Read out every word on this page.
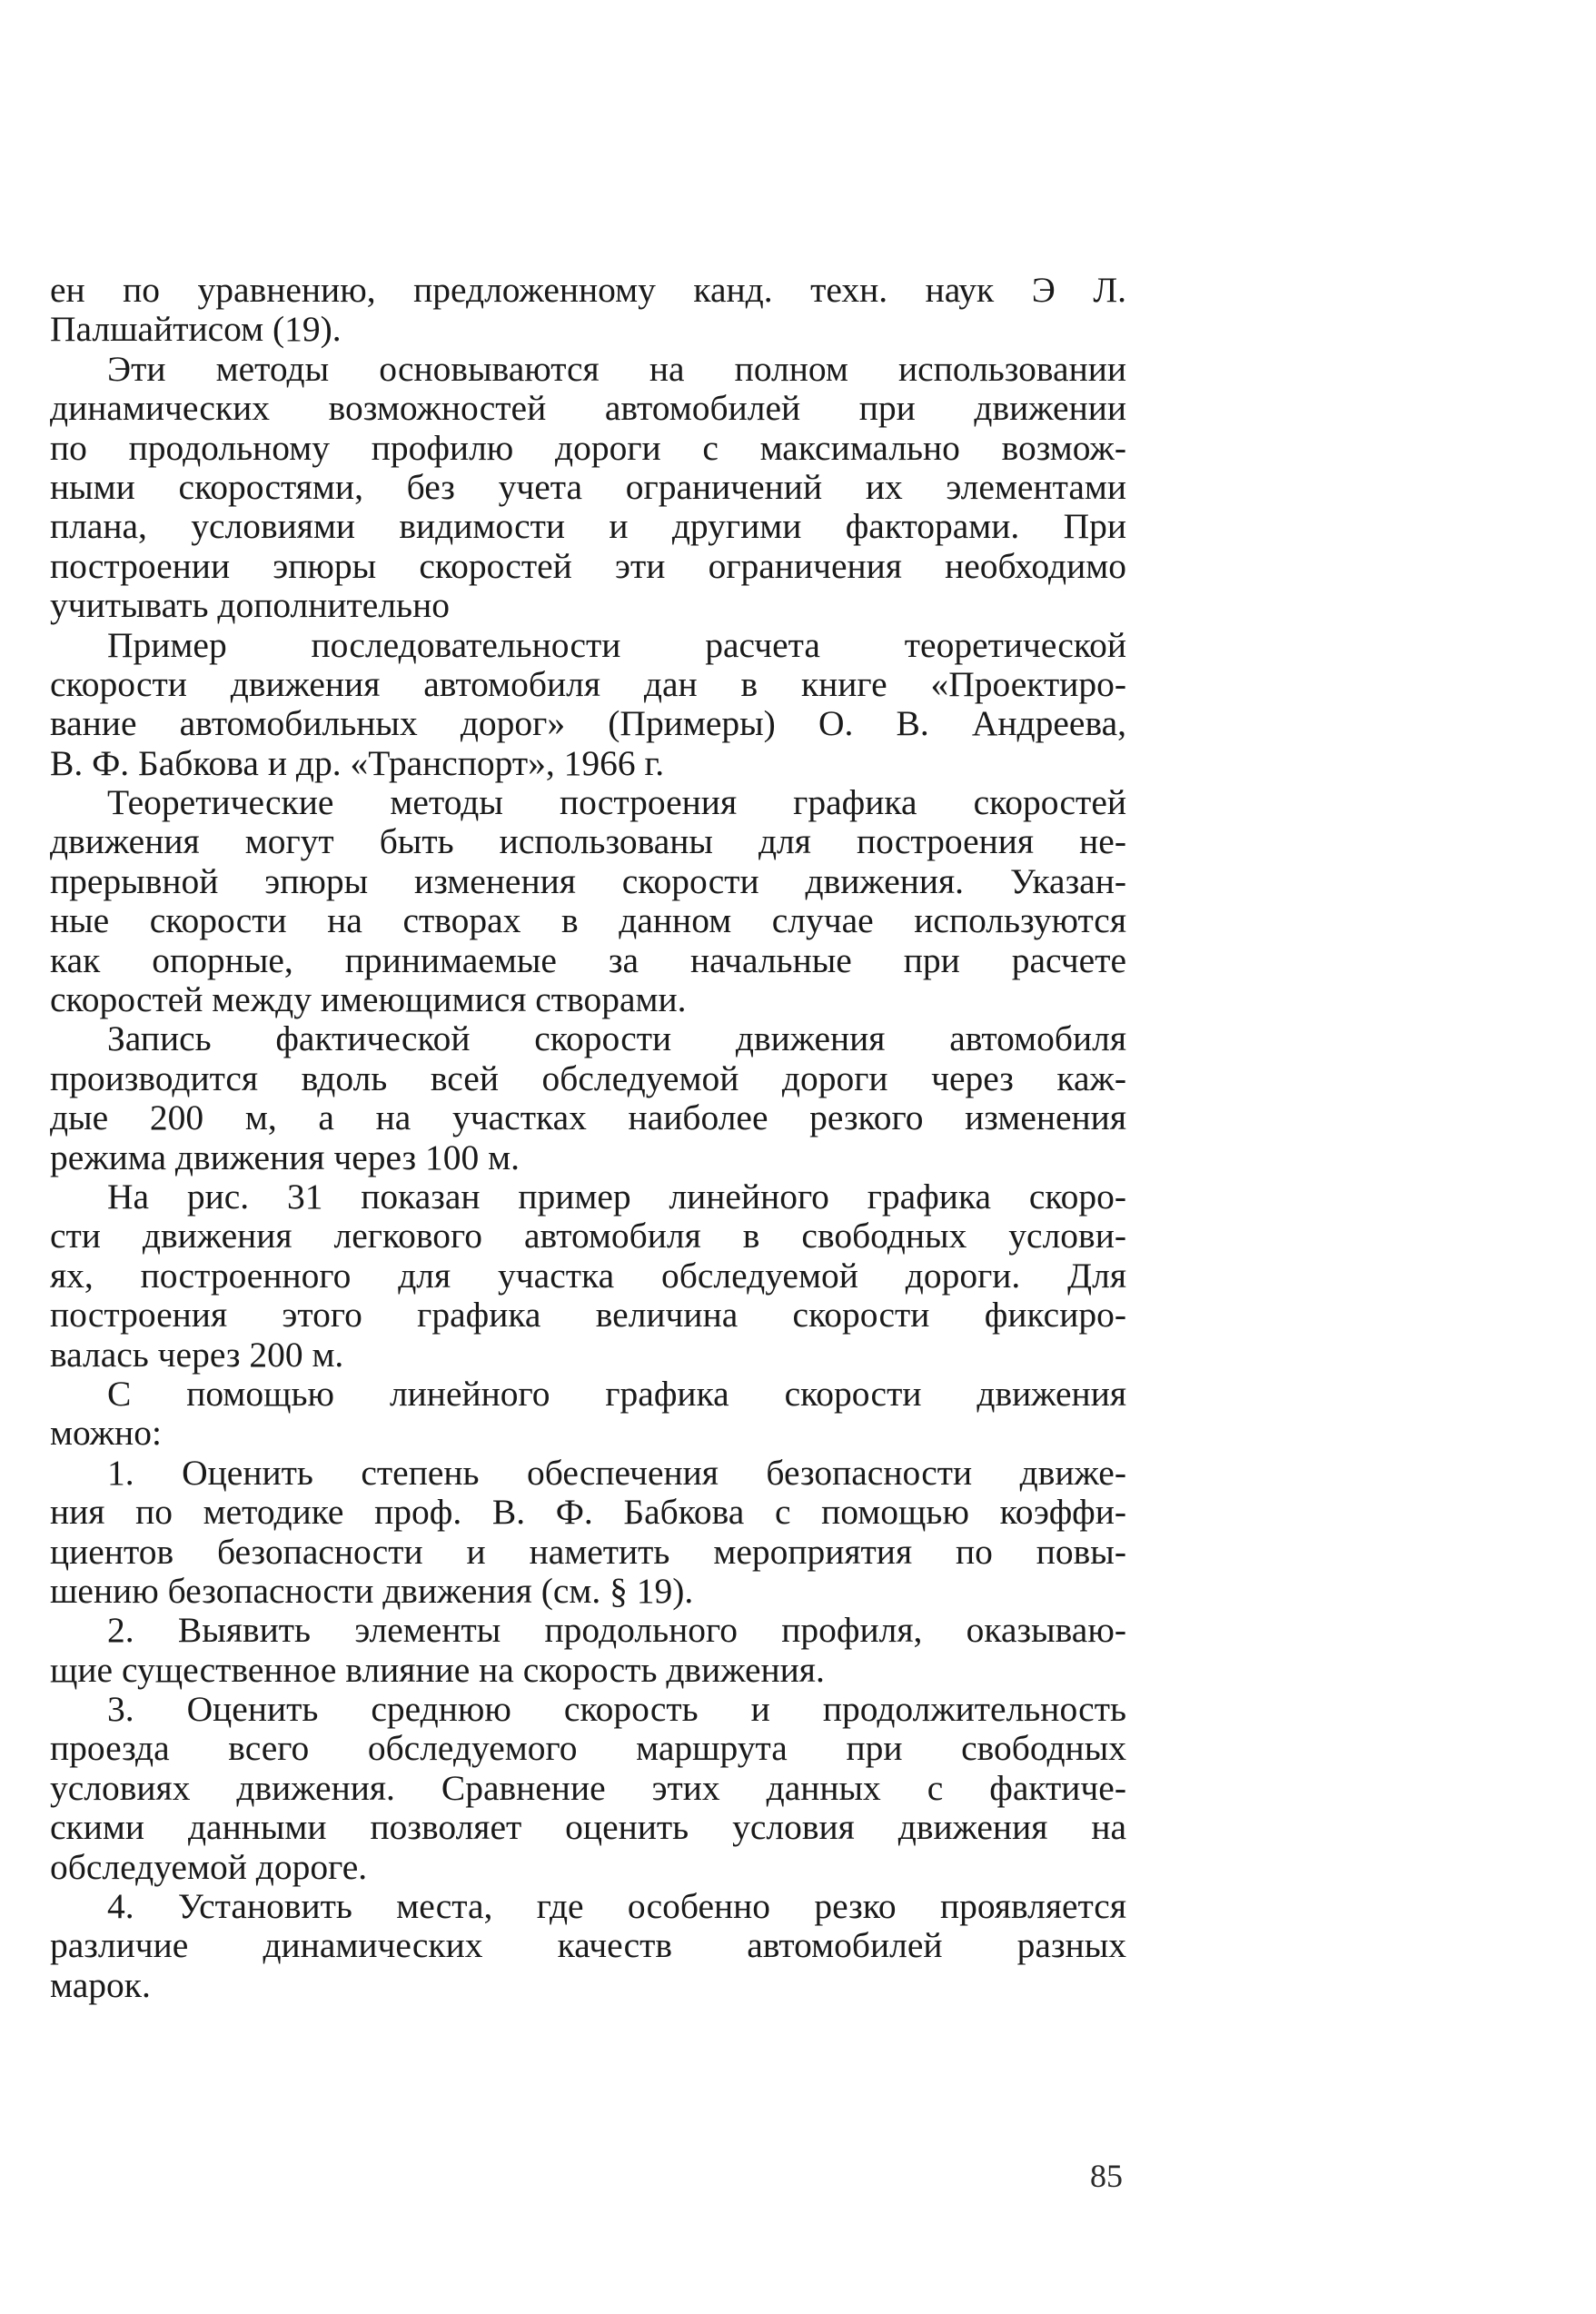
ен по уравнению, предложенному канд. техн. наук Э Л.
Палшайтисом (19).
Эти методы основываются на полном использовании
динамических возможностей автомобилей при движении
по продольному профилю дороги с максимально возмож-
ными скоростями, без учета ограничений их элементами
плана, условиями видимости и другими факторами. При
построении эпюры скоростей эти ограничения необходимо
учитывать дополнительно
Пример последовательности расчета теоретической
скорости движения автомобиля дан в книге «Проектиро-
вание автомобильных дорог» (Примеры) О. В. Андреева,
В. Ф. Бабкова и др. «Транспорт», 1966 г.
Теоретические методы построения графика скоростей
движения могут быть использованы для построения не-
прерывной эпюры изменения скорости движения. Указан-
ные скорости на створах в данном случае используются
как опорные, принимаемые за начальные при расчете
скоростей между имеющимися створами.
Запись фактической скорости движения автомобиля
производится вдоль всей обследуемой дороги через каж-
дые 200 м, а на участках наиболее резкого изменения
режима движения через 100 м.
На рис. 31 показан пример линейного графика скоро-
сти движения легкового автомобиля в свободных услови-
ях, построенного для участка обследуемой дороги. Для
построения этого графика величина скорости фиксиро-
валась через 200 м.
С помощью линейного графика скорости движения
можно:
1. Оценить степень обеспечения безопасности движе-
ния по методике проф. В. Ф. Бабкова с помощью коэффи-
циентов безопасности и наметить мероприятия по повы-
шению безопасности движения (см. § 19).
2. Выявить элементы продольного профиля, оказываю-
щие существенное влияние на скорость движения.
3. Оценить среднюю скорость и продолжительность
проезда всего обследуемого маршрута при свободных
условиях движения. Сравнение этих данных с фактиче-
скими данными позволяет оценить условия движения на
обследуемой дороге.
4. Установить места, где особенно резко проявляется
различие динамических качеств автомобилей разных
марок.
85
